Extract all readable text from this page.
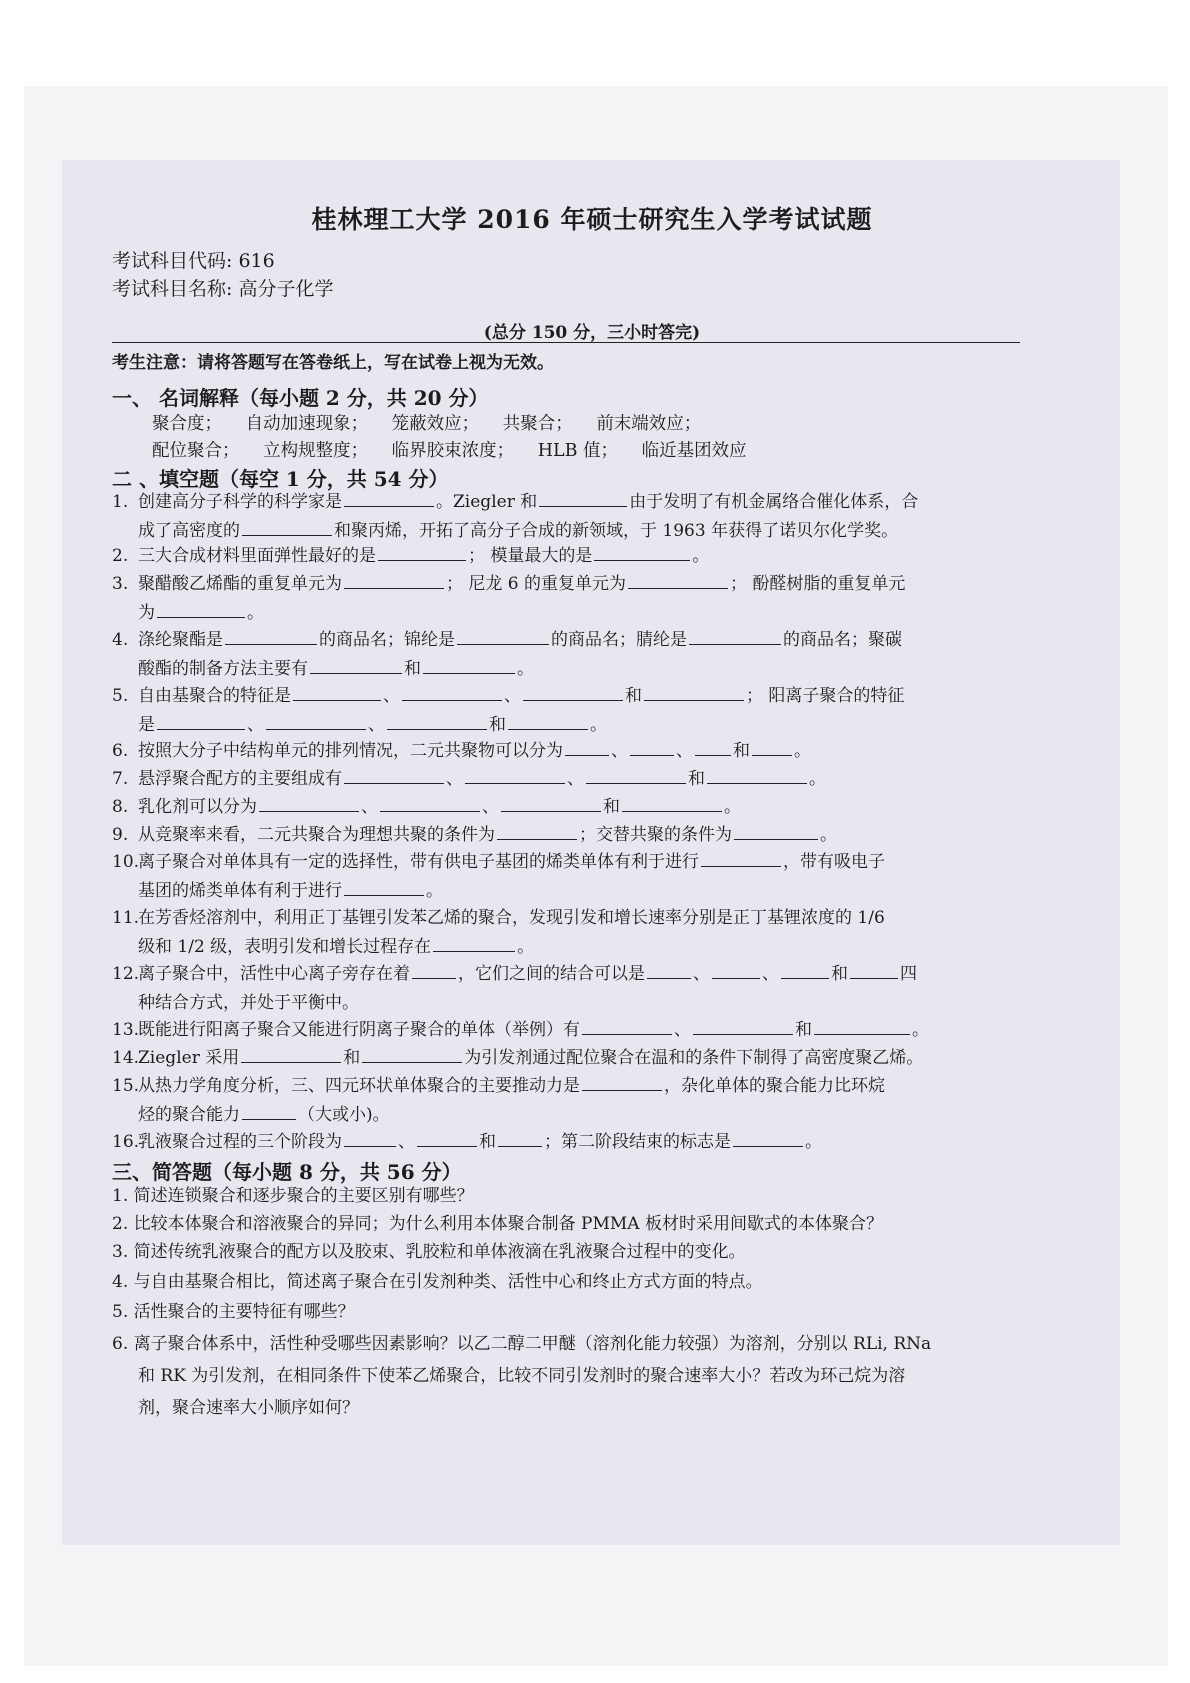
桂林理工大学 2016 年硕士研究生入学考试试题
考试科目代码: 616
考试科目名称: 高分子化学
(总分 150 分，三小时答完)
考生注意：请将答题写在答卷纸上，写在试卷上视为无效。
一、 名词解释（每小题 2 分，共 20 分）
聚合度； 自动加速现象； 笼蔽效应； 共聚合； 前末端效应；
配位聚合； 立构规整度； 临界胶束浓度； HLB 值； 临近基团效应
二 、填空题（每空 1 分，共 54 分）
1. 创建高分子科学的科学家是	。Ziegler 和	由于发明了有机金属络合催化体系，合
成了高密度的	和聚丙烯，开拓了高分子合成的新领域，于 1963 年获得了诺贝尔化学奖。
2. 三大合成材料里面弹性最好的是	； 模量最大的是	。
3. 聚醋酸乙烯酯的重复单元为	； 尼龙 6 的重复单元为	； 酚醛树脂的重复单元
为	。
4. 涤纶聚酯是	的商品名；锦纶是	的商品名；腈纶是	的商品名；聚碳
酸酯的制备方法主要有	和	。
5. 自由基聚合的特征是	、	、	和	； 阳离子聚合的特征
是	、	、	和	。
6. 按照大分子中结构单元的排列情况，二元共聚物可以分为	、	、 和	。
7. 悬浮聚合配方的主要组成有	、	、	和	。
8. 乳化剂可以分为	、	、	和	。
9. 从竞聚率来看，二元共聚合为理想共聚的条件为	；交替共聚的条件为	。
10.离子聚合对单体具有一定的选择性，带有供电子基团的烯类单体有利于进行	，带有吸电子
基团的烯类单体有利于进行	。
11.在芳香烃溶剂中，利用正丁基锂引发苯乙烯的聚合，发现引发和增长速率分别是正丁基锂浓度的 1/6
级和 1/2 级，表明引发和增长过程存在	。
12.离子聚合中，活性中心离子旁存在着	，它们之间的结合可以是	、	、	和	四
种结合方式，并处于平衡中。
13.既能进行阳离子聚合又能进行阴离子聚合的单体（举例）有	、	和	。
14.Ziegler 采用	和	为引发剂通过配位聚合在温和的条件下制得了高密度聚乙烯。
15.从热力学角度分析，三、四元环状单体聚合的主要推动力是	，杂化单体的聚合能力比环烷
烃的聚合能力	（大或小)。
16.乳液聚合过程的三个阶段为	、	和	；第二阶段结束的标志是	。
三、简答题（每小题 8 分，共 56 分）
1. 简述连锁聚合和逐步聚合的主要区别有哪些？
2. 比较本体聚合和溶液聚合的异同；为什么利用本体聚合制备 PMMA 板材时采用间歇式的本体聚合？
3. 简述传统乳液聚合的配方以及胶束、乳胶粒和单体液滴在乳液聚合过程中的变化。
4. 与自由基聚合相比，简述离子聚合在引发剂种类、活性中心和终止方式方面的特点。
5. 活性聚合的主要特征有哪些？
6. 离子聚合体系中，活性种受哪些因素影响？以乙二醇二甲醚（溶剂化能力较强）为溶剂，分别以 RLi, RNa
和 RK 为引发剂，在相同条件下使苯乙烯聚合，比较不同引发剂时的聚合速率大小？若改为环己烷为溶
剂，聚合速率大小顺序如何？
